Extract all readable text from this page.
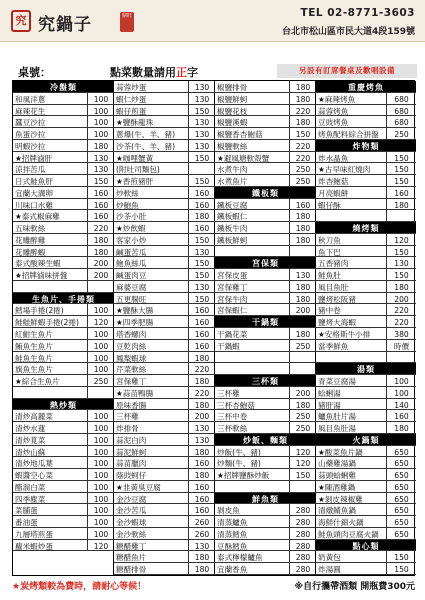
究 究鍋子	鼎旺	TEL 02-8771-3603
台北市松山區市民大道4段159號
桌號：	點菜數量請用正字	另設有訂席餐桌及歡唱設備
冷盤類
和風洋蔥	100
麻辣花生	100
蠶豆沙拉	100
魚蛋沙拉	100
明蝦沙拉	180
★招牌滷肝	130
涼拌苦瓜	130
日式鮭魚肝	150
宜蘭大溝卵	160
川味口水雞	160
★泰式椒麻雞	160
五味軟絲	220
花雕醉雞	180
花雕醉蝦	180
泰式酸辣生蝦	200
★招牌滷味拼盤	200
生魚片、手捲類
鱈場手捲(2捲)	100
鮭鮭鮮蝦手捲(2捲)	120
紅魽生魚片	100
鮪魚生魚片	100
鮭魚生魚片	100
旗魚生魚片	100
★綜合生魚片	250
熱炒類
清炒高麗菜	100
清炒水蓮	100
清炒莧菜	100
清炒山蘇	100
清炒地瓜葉	100
蝦醬空心菜	100
醋溜白菜	100
四季塵菜	100
菜脯蛋	100
番油蛋	100
九層塔煎蛋	100
蘿米蝦炒蛋	120
蒜蓉炒蛋	130
蝦仁炒蛋	130
蝦仔煎蛋	150
★鹽酥龍珠	130
蔥爆(牛、羊、豬)	130
沙茶(牛、羊、豬)	130
★咖哩蟹黃	150
(附吐司麵包)
★香煎豬肝	150
炒軟絲	160
炒鮑魚	160
沙茶小肚	180
★炒飲蝦	160
客家小炒	150
鹹蛋苦瓜	130
鮑魚絲瓜	150
鹹蛋肉豆	150
麻婆豆腐	130
五更腸旺	150
★鹽酥大腸	160
★四季肥腸	160
塔香螺肉	160
豆乾肉絲	160
鳳梨蝦球	180
芹菜軟絲	220
宮保雞丁	180
★蒜苗鴨腸	220
原味香腸	180
三杯雞	200
炸排骨	130
蒜泥白肉	130
蒜泥鮮蚵	180
蒜苗臘肉	160
蔭豉蚵仔	180
★韭黃臭豆腐	160
金沙豆腐	160
金沙苦瓜	160
金沙蝦球	260
金沙軟絲	260
糖醋雞丁	130
糖醋魚片	180
糖醋排骨	180
椒鹽排骨	180
椒鹽鮮蚵	180
椒鹽花枝	220
椒鹽溪蝦	180
椒鹽香杏鮑菇	150
椒鹽軟絲	220
★避風塘軟殼蟹	220
水煮牛肉	250
水煮魚片	250
鐵板類
鐵板豆腐	160
鐵板蝦仁	180
鐵板牛肉	180
鐵板鮮蚵	180
宮保類
宮保皮蛋	130
宮保雞丁	180
宮保牛肉	180
宮保蝦仁	200
干鍋類
干鍋花菜	180
干鍋蝦	250
三杯類
三杯雞	200
三杯杏鮑菇	180
三杯中卷	250
三杯軟絲	250
炒飯、麵類
炒飯(牛、豬)	120
炒麵(牛、豬)	120
★招牌鹽酥炒飯	150
鮮魚類
剝皮魚	280
清蒸鱸魚	280
清蒸鱈魚	280
豆酥鱈魚	280
泰式檸檬鱸魚	280
宜蘭香魚	280
重慶烤魚
★麻辣烤魚	680
蒜蓉烤魚	680
豆豉烤魚	680
烤魚配料綜合拼盤	250
炸物類
炸水晶魚	150
★古早味紅燒肉	150
炸杏鮑菇	150
月亮蝦餅	160
蝦仔酥	180
燒烤類
秋刀魚	120
魚下巴	150
五香豬肉	130
鮭魚肚	150
風目魚肚	180
鹽烤松阪豬	200
豬中卷	220
鹽烤大海蝦	220
★安格斯牛小排	380
當季鮮魚	時價
湯類
青菜豆腐湯	100
蛤蜊湯	100
豬肝湯	140
鱸魚肚片湯	160
風目魚肚湯	180
火鍋類
★酸菜魚片鍋	650
山藥雞湯鍋	650
蒜頭蛤蜊雞	650
★陳酒雞鍋	650
★剝皮辣椒雞	650
清燉鯖魚鍋	650
海鮮什錦火鍋	650
鮭魚頭肉豆腐火鍋	650
點心類
奶黃包	150
炸湯圓	150
★炭烤類較為費時，請耐心等候！	※自行攜帶酒類 開瓶費300元
